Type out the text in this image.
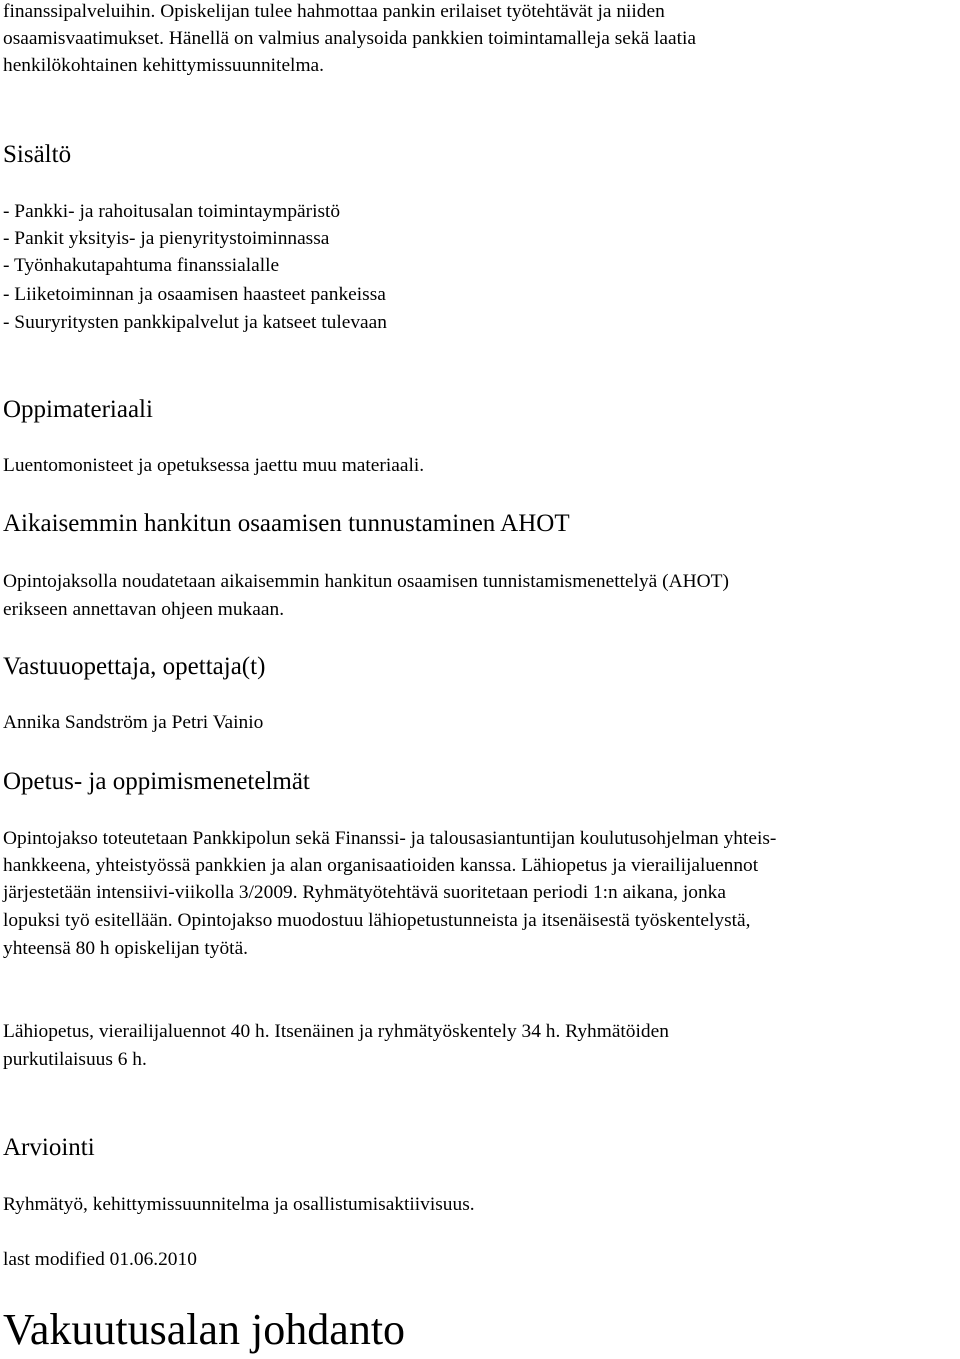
finanssipalveluihin. Opiskelijan tulee hahmottaa pankin erilaiset työtehtävät ja niiden

osaamisvaatimukset. Hänellä on valmius analysoida pankkien toimintamalleja sekä laatia

henkilökohtainen kehittymissuunnitelma.

Sisältö

- Pankki- ja rahoitusalan toimintaympäristö

- Pankit yksityis- ja pienyritystoiminnassa

- Työnhakutapahtuma finanssialalle

- Liiketoiminnan ja osaamisen haasteet pankeissa

- Suuryritysten pankkipalvelut ja katseet tulevaan

Oppimateriaali

Luentomonisteet ja opetuksessa jaettu muu materiaali.

Aikaisemmin hankitun osaamisen tunnustaminen AHOT

Opintojaksolla noudatetaan aikaisemmin hankitun osaamisen tunnistamismenettelyä (AHOT)

erikseen annettavan ohjeen mukaan.

Vastuuopettaja, opettaja(t)

Annika Sandström ja Petri Vainio

Opetus- ja oppimismenetelmät

Opintojakso toteutetaan Pankkipolun sekä Finanssi- ja talousasiantuntijan koulutusohjelman yhteis-

hankkeena, yhteistyössä pankkien ja alan organisaatioiden kanssa. Lähiopetus ja vierailijaluennot

järjestetään intensiivi-viikolla 3/2009. Ryhmätyötehtävä suoritetaan periodi 1:n aikana, jonka

lopuksi työ esitellään. Opintojakso muodostuu lähiopetustunneista ja itsenäisestä työskentelystä,

yhteensä 80 h opiskelijan työtä.

Lähiopetus, vierailijaluennot 40 h. Itsenäinen ja ryhmätyöskentely 34 h. Ryhmätöiden

purkutilaisuus 6 h.

Arviointi

Ryhmätyö, kehittymissuunnitelma ja osallistumisaktiivisuus.

last modified 01.06.2010

Vakuutusalan johdanto
